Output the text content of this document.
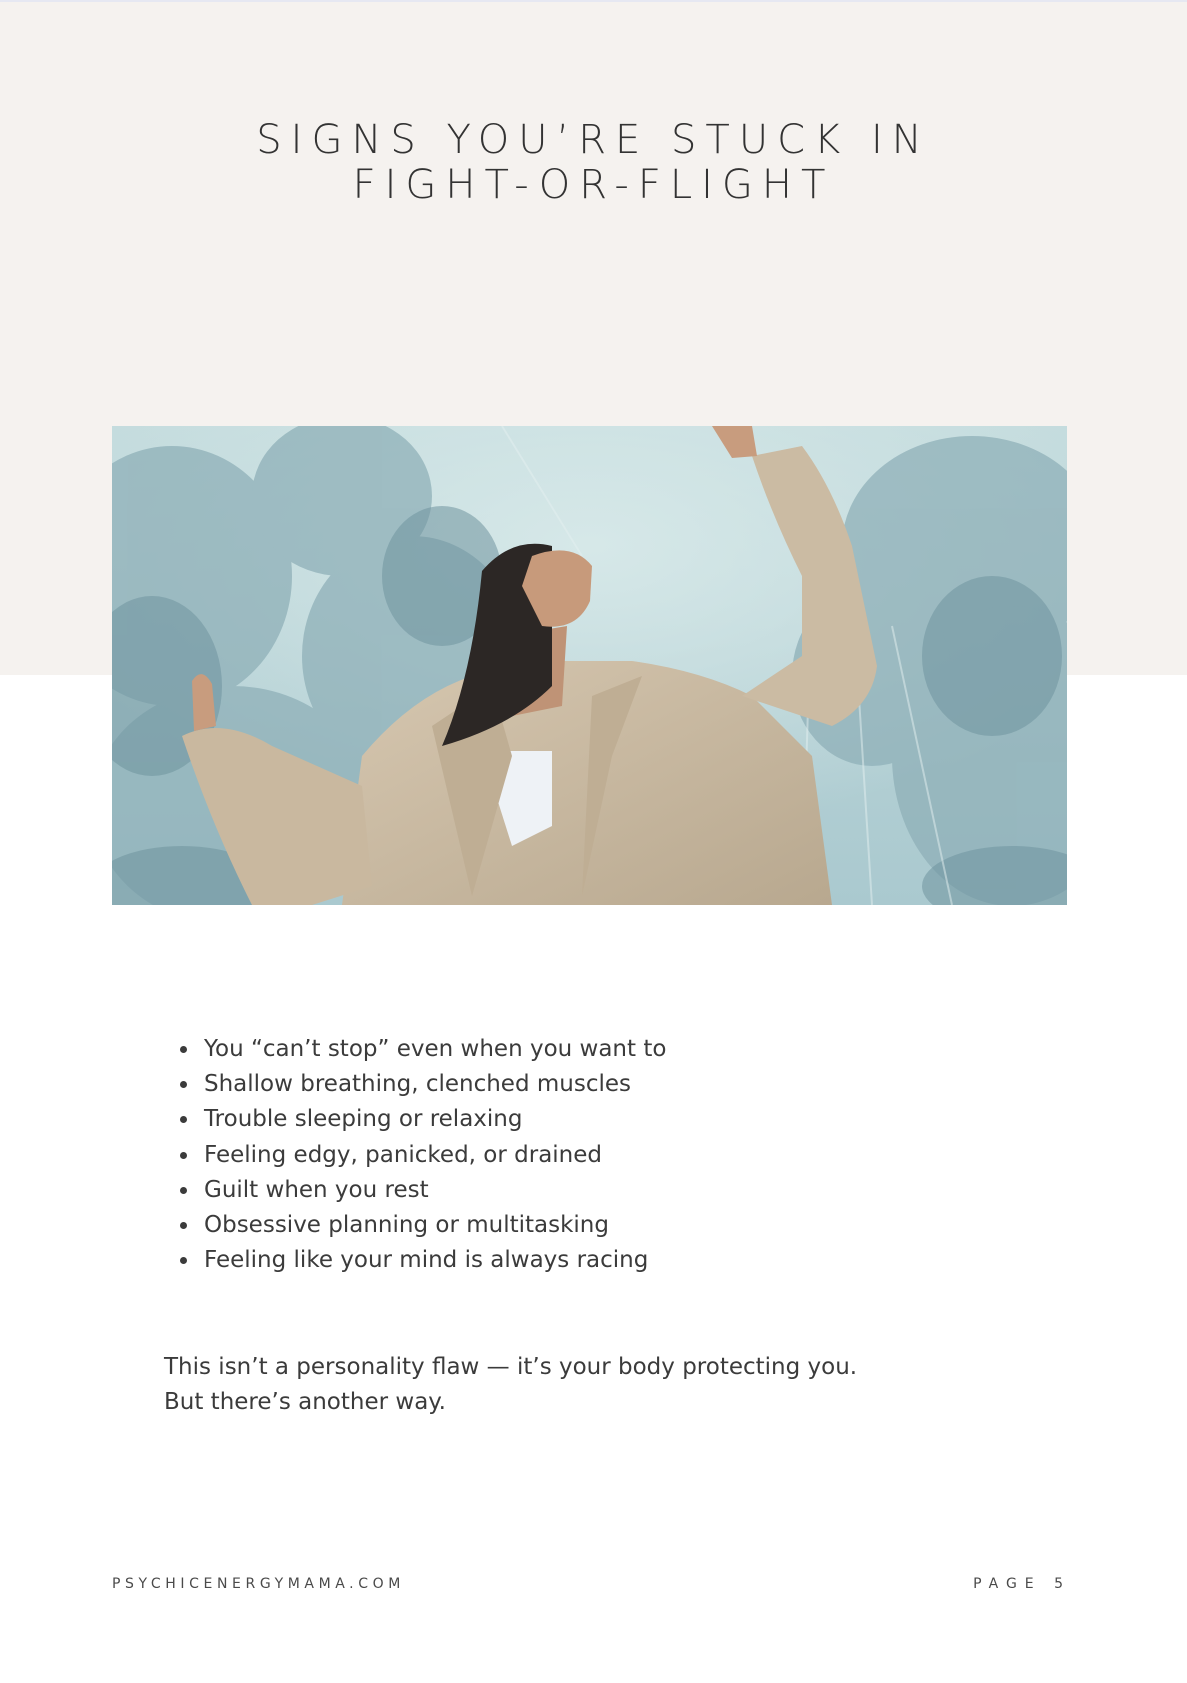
SIGNS YOU’RE STUCK IN
FIGHT-OR-FLIGHT
You “can’t stop” even when you want to
Shallow breathing, clenched muscles
Trouble sleeping or relaxing
Feeling edgy, panicked, or drained
Guilt when you rest
Obsessive planning or multitasking
Feeling like your mind is always racing

This isn’t a personality flaw — it’s your body protecting you.
But there’s another way.

PSYCHICENERGYMAMA.COM	PAGE 5
